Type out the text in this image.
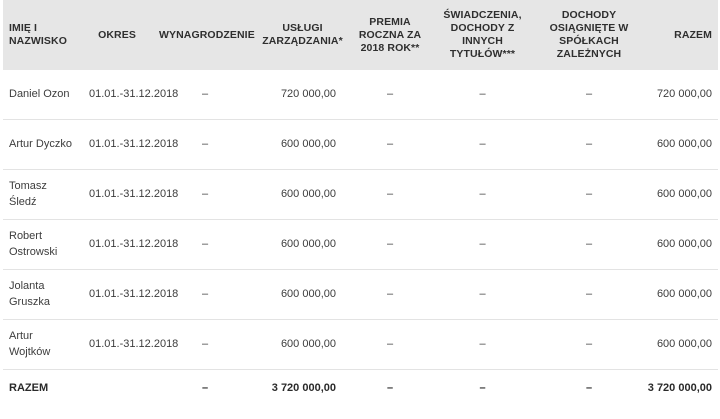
IMIĘ I NAZWISKO	OKRES	WYNAGRODZENIE	USŁUGI ZARZĄDZANIA*	PREMIA ROCZNA ZA 2018 ROK**	ŚWIADCZENIA, DOCHODY Z INNYCH TYTUŁÓW***	DOCHODY OSIĄGNIĘTE W SPÓŁKACH ZALEŻNYCH	RAZEM
Daniel Ozon	01.01.-31.12.2018	–	720 000,00	–	–	–	720 000,00
Artur Dyczko	01.01.-31.12.2018	–	600 000,00	–	–	–	600 000,00
Tomasz Śledź	01.01.-31.12.2018	–	600 000,00	–	–	–	600 000,00
Robert Ostrowski	01.01.-31.12.2018	–	600 000,00	–	–	–	600 000,00
Jolanta Gruszka	01.01.-31.12.2018	–	600 000,00	–	–	–	600 000,00
Artur Wojtków	01.01.-31.12.2018	–	600 000,00	–	–	–	600 000,00
RAZEM		–	3 720 000,00	–	–	–	3 720 000,00
